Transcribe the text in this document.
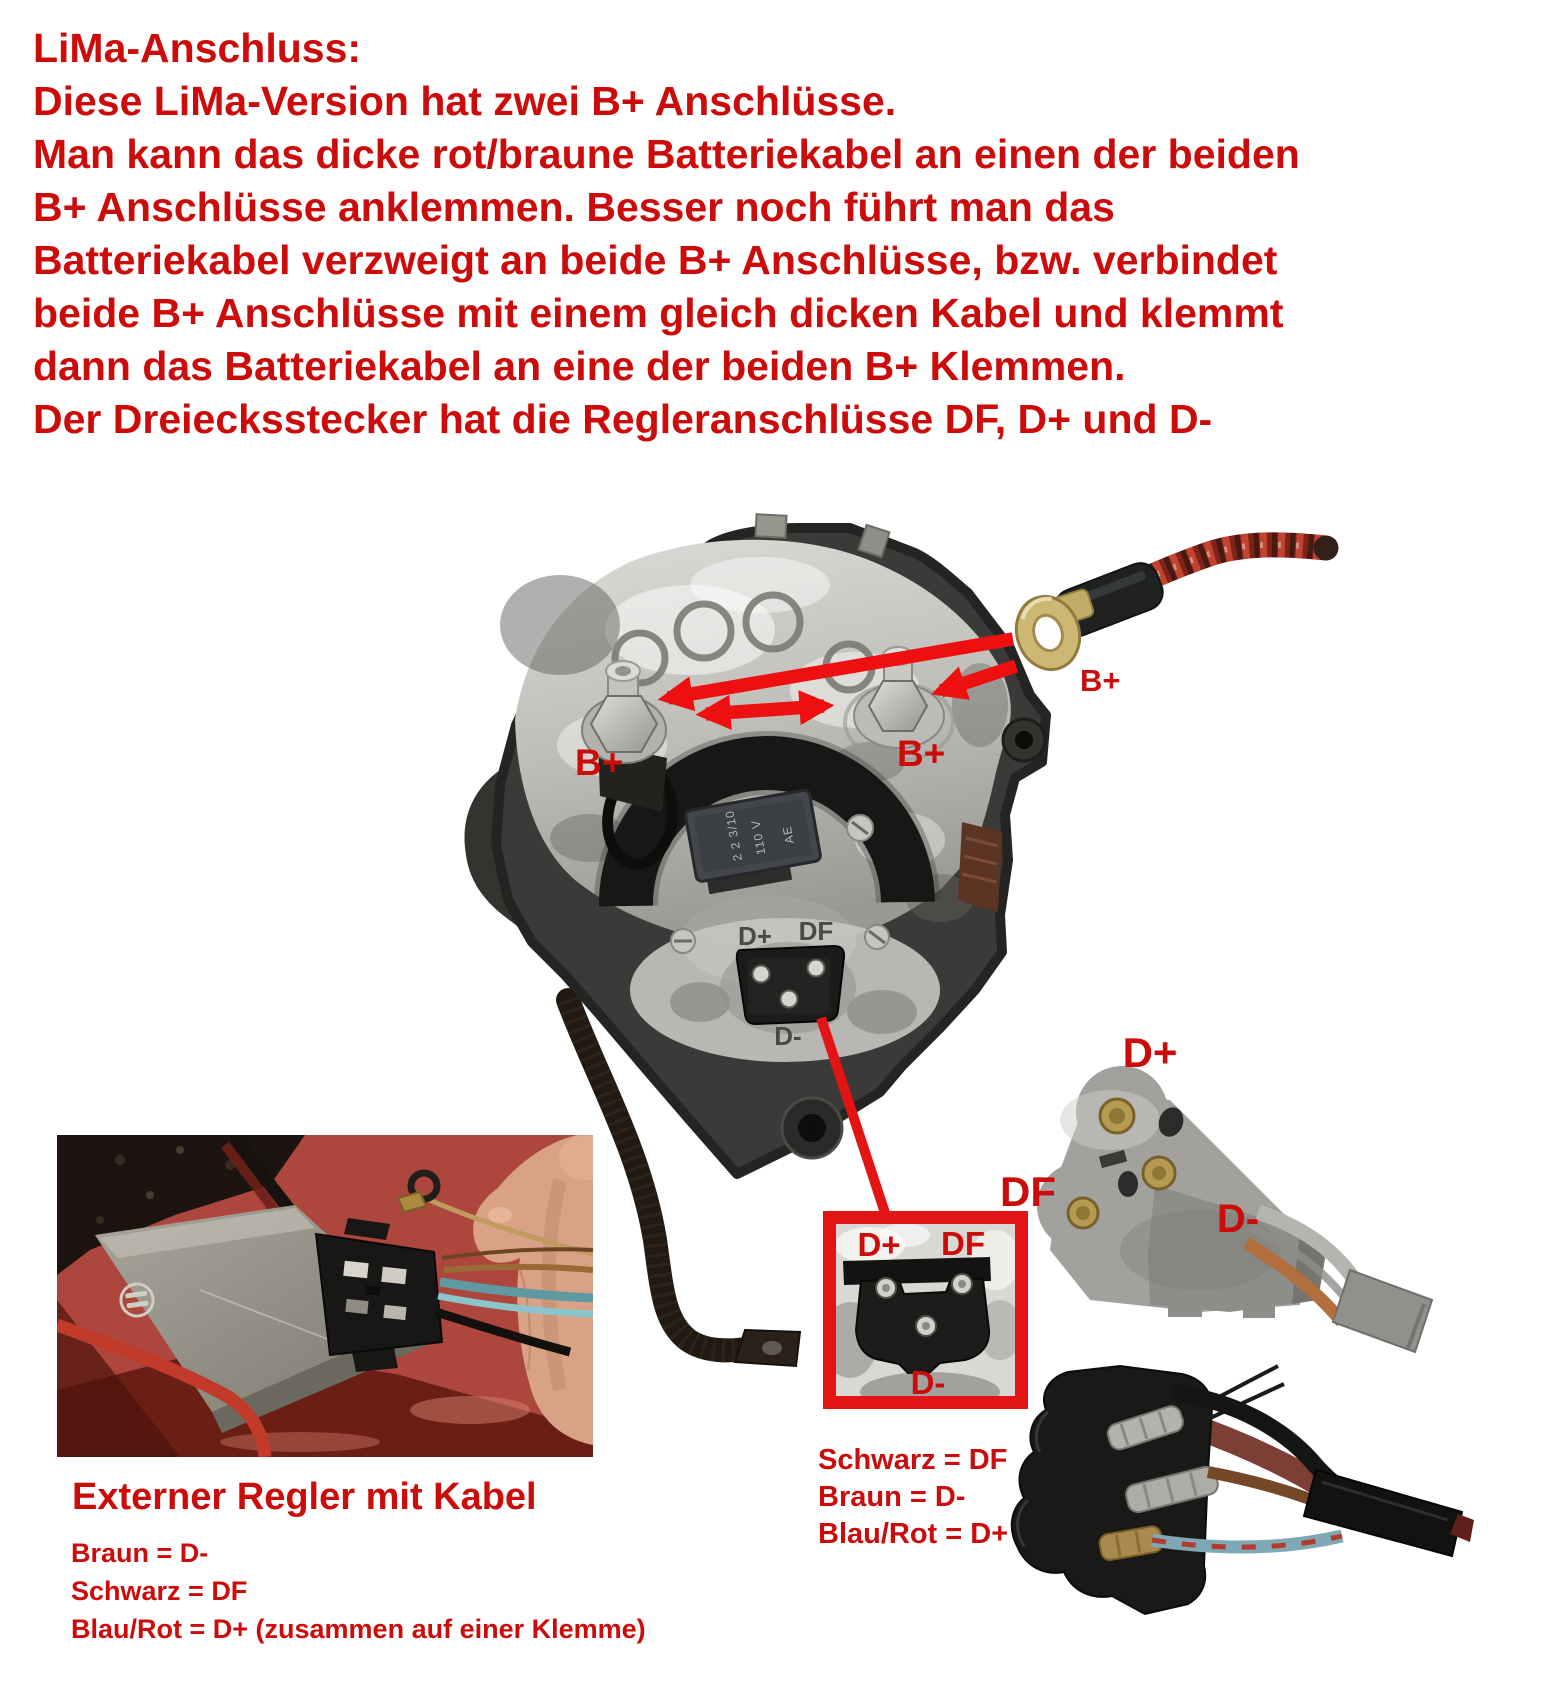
LiMa-Anschluss:
Diese LiMa-Version hat zwei B+ Anschlüsse.
Man kann das dicke rot/braune Batteriekabel an einen der beiden
B+ Anschlüsse anklemmen. Besser noch führt man das
Batteriekabel verzweigt an beide B+ Anschlüsse, bzw. verbindet
beide B+ Anschlüsse mit einem gleich dicken Kabel und klemmt
dann das Batteriekabel an eine der beiden B+ Klemmen.
Der Dreiecksstecker hat die Regleranschlüsse DF, D+ und D-
2 2 3/10 110 V AE
D+ DF
D-
B+	B+
B+
D+ DF
D-
D+
DF
D-
Externer Regler mit Kabel
Braun = D-
Schwarz = DF
Blau/Rot = D+ (zusammen auf einer Klemme)
Schwarz = DF
Braun = D-
Blau/Rot = D+
